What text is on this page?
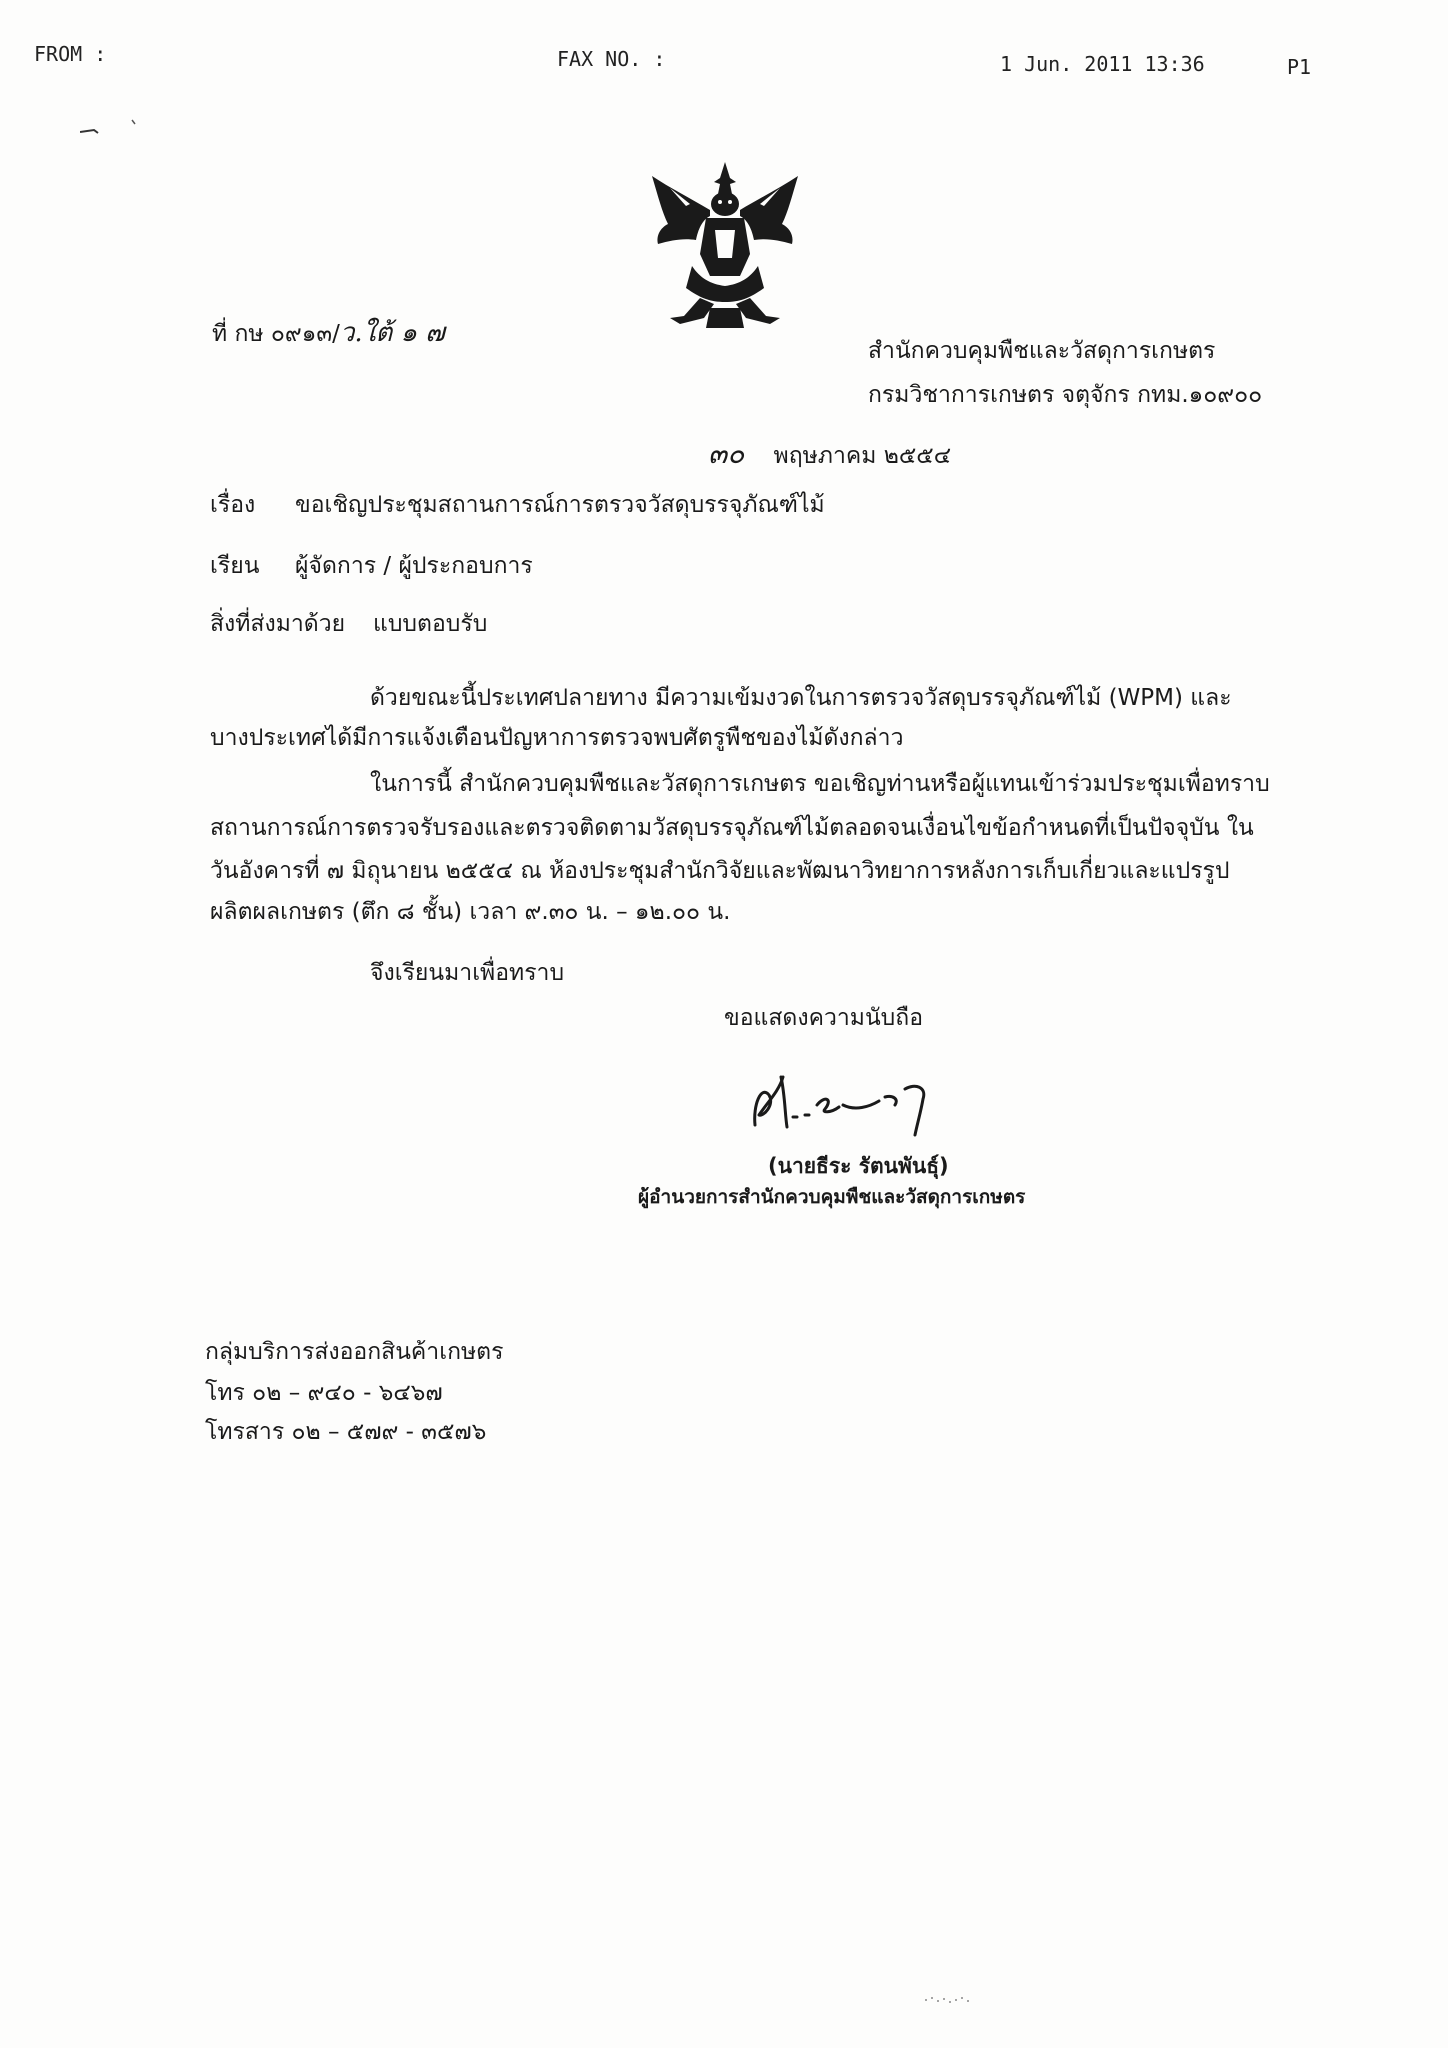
FROM :	FAX NO. :	1 Jun. 2011 13:36	P1
ที่ กษ ๐๙๑๓/ว.ใต้ ๑ ๗
สำนักควบคุมพืชและวัสดุการเกษตร
กรมวิชาการเกษตร จตุจักร กทม.๑๐๙๐๐
๓๐ พฤษภาคม ๒๕๕๔
เรื่อง ขอเชิญประชุมสถานการณ์การตรวจวัสดุบรรจุภัณฑ์ไม้
เรียน ผู้จัดการ / ผู้ประกอบการ
สิ่งที่ส่งมาด้วย แบบตอบรับ
ด้วยขณะนี้ประเทศปลายทาง มีความเข้มงวดในการตรวจวัสดุบรรจุภัณฑ์ไม้ (WPM) และ
บางประเทศได้มีการแจ้งเตือนปัญหาการตรวจพบศัตรูพืชของไม้ดังกล่าว
ในการนี้ สำนักควบคุมพืชและวัสดุการเกษตร ขอเชิญท่านหรือผู้แทนเข้าร่วมประชุมเพื่อทราบ
สถานการณ์การตรวจรับรองและตรวจติดตามวัสดุบรรจุภัณฑ์ไม้ตลอดจนเงื่อนไขข้อกำหนดที่เป็นปัจจุบัน ใน
วันอังคารที่ ๗ มิถุนายน ๒๕๕๔ ณ ห้องประชุมสำนักวิจัยและพัฒนาวิทยาการหลังการเก็บเกี่ยวและแปรรูป
ผลิตผลเกษตร (ตึก ๘ ชั้น) เวลา ๙.๓๐ น. – ๑๒.๐๐ น.
จึงเรียนมาเพื่อทราบ
ขอแสดงความนับถือ
(นายธีระ รัตนพันธุ์)
ผู้อำนวยการสำนักควบคุมพืชและวัสดุการเกษตร
กลุ่มบริการส่งออกสินค้าเกษตร
โทร ๐๒ – ๙๔๐ - ๖๔๖๗
โทรสาร ๐๒ – ๕๗๙ - ๓๕๗๖
